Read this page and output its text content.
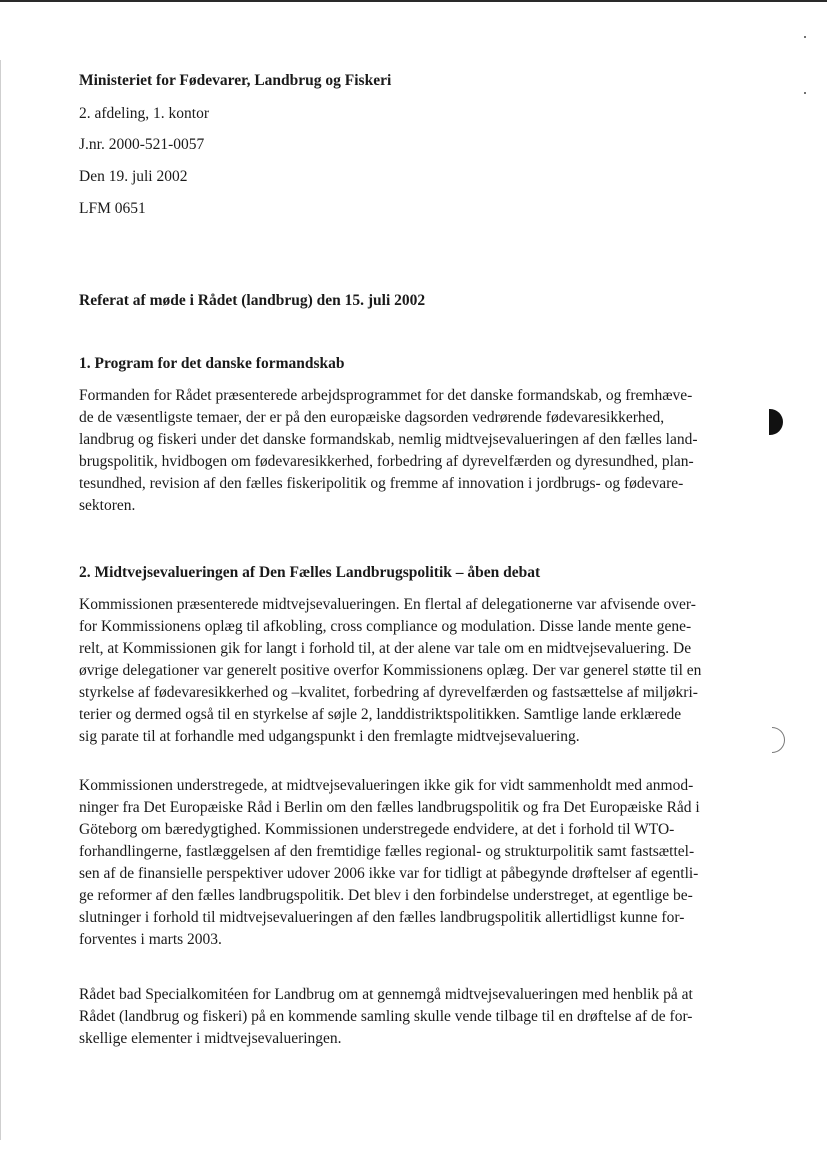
Ministeriet for Fødevarer, Landbrug og Fiskeri
2. afdeling, 1. kontor
J.nr. 2000-521-0057
Den 19. juli 2002
LFM 0651
Referat af møde i Rådet (landbrug) den 15. juli 2002
1. Program for det danske formandskab
Formanden for Rådet præsenterede arbejdsprogrammet for det danske formandskab, og fremhæve-
de de væsentligste temaer, der er på den europæiske dagsorden vedrørende fødevaresikkerhed,
landbrug og fiskeri under det danske formandskab, nemlig midtvejsevalueringen af den fælles land-
brugspolitik, hvidbogen om fødevaresikkerhed, forbedring af dyrevelfærden og dyresundhed, plan-
tesundhed, revision af den fælles fiskeripolitik og fremme af innovation i jordbrugs- og fødevare-
sektoren.
2. Midtvejsevalueringen af Den Fælles Landbrugspolitik – åben debat
Kommissionen præsenterede midtvejsevalueringen. En flertal af delegationerne var afvisende over-
for Kommissionens oplæg til afkobling, cross compliance og modulation. Disse lande mente gene-
relt, at Kommissionen gik for langt i forhold til, at der alene var tale om en midtvejsevaluering. De
øvrige delegationer var generelt positive overfor Kommissionens oplæg. Der var generel støtte til en
styrkelse af fødevaresikkerhed og –kvalitet, forbedring af dyrevelfærden og fastsættelse af miljøkri-
terier og dermed også til en styrkelse af søjle 2, landdistriktspolitikken. Samtlige lande erklærede
sig parate til at forhandle med udgangspunkt i den fremlagte midtvejsevaluering.
Kommissionen understregede, at midtvejsevalueringen ikke gik for vidt sammenholdt med anmod-
ninger fra Det Europæiske Råd i Berlin om den fælles landbrugspolitik og fra Det Europæiske Råd i
Göteborg om bæredygtighed. Kommissionen understregede endvidere, at det i forhold til WTO-
forhandlingerne, fastlæggelsen af den fremtidige fælles regional- og strukturpolitik samt fastsættel-
sen af de finansielle perspektiver udover 2006 ikke var for tidligt at påbegynde drøftelser af egentli-
ge reformer af den fælles landbrugspolitik. Det blev i den forbindelse understreget, at egentlige be-
slutninger i forhold til midtvejsevalueringen af den fælles landbrugspolitik allertidligst kunne for-
forventes i marts 2003.
Rådet bad Specialkomitéen for Landbrug om at gennemgå midtvejsevalueringen med henblik på at
Rådet (landbrug og fiskeri) på en kommende samling skulle vende tilbage til en drøftelse af de for-
skellige elementer i midtvejsevalueringen.
